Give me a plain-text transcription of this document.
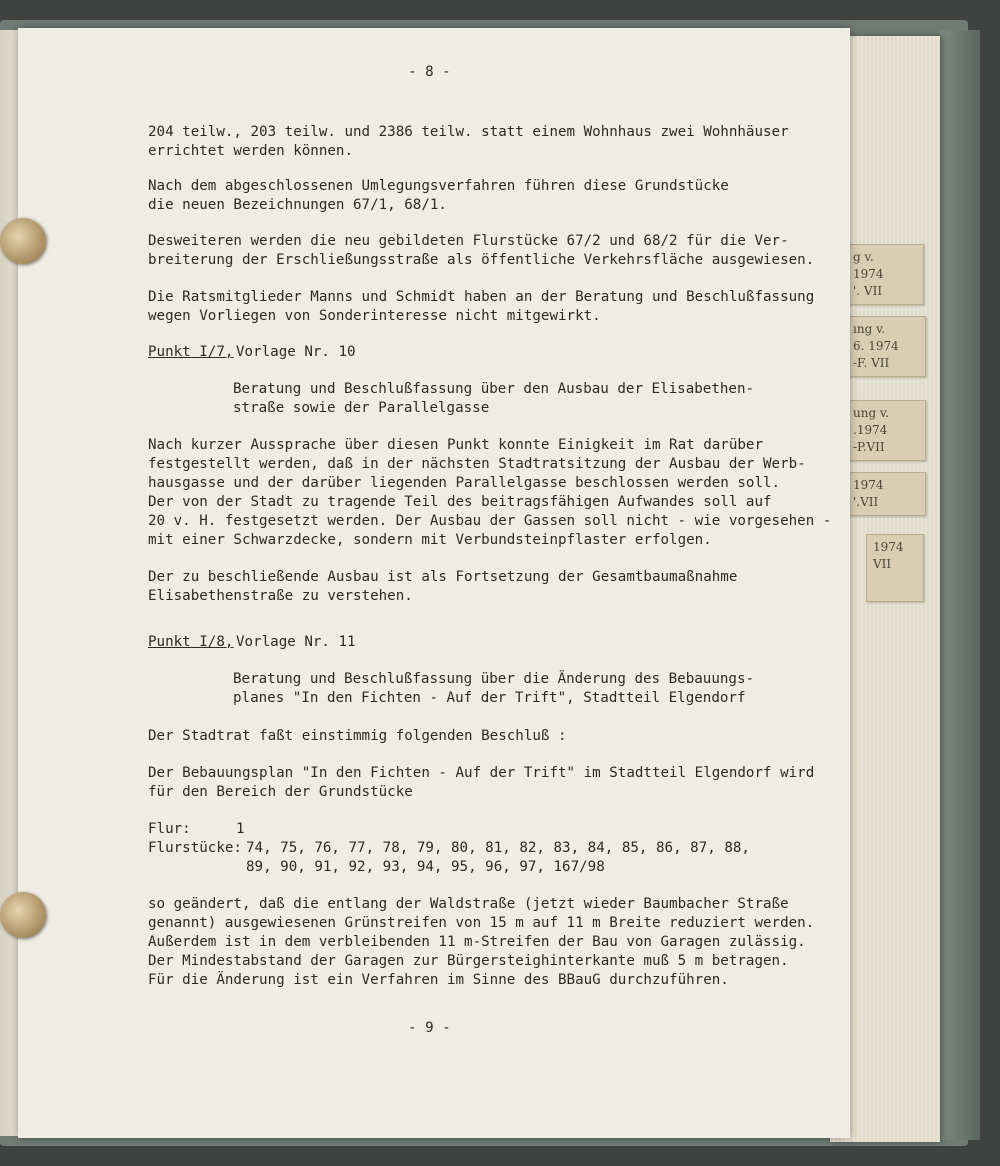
g v.
1974
'. VII
ıng v.
6. 1974
-F. VII
ung v.
.1974
-P.VII
1974
'.VII
1974
VII
- 8 -
204 teilw., 203 teilw. und 2386 teilw. statt einem Wohnhaus zwei Wohnhäuser
errichtet werden können.
Nach dem abgeschlossenen Umlegungsverfahren führen diese Grundstücke
die neuen Bezeichnungen 67/1, 68/1.
Desweiteren werden die neu gebildeten Flurstücke 67/2 und 68/2 für die Ver-
breiterung der Erschließungsstraße als öffentliche Verkehrsfläche ausgewiesen.
Die Ratsmitglieder Manns und Schmidt haben an der Beratung und Beschlußfassung
wegen Vorliegen von Sonderinteresse nicht mitgewirkt.
Punkt I/7, Vorlage Nr. 10
Beratung und Beschlußfassung über den Ausbau der Elisabethen-
straße sowie der Parallelgasse
Nach kurzer Aussprache über diesen Punkt konnte Einigkeit im Rat darüber
festgestellt werden, daß in der nächsten Stadtratsitzung der Ausbau der Werb-
hausgasse und der darüber liegenden Parallelgasse beschlossen werden soll.
Der von der Stadt zu tragende Teil des beitragsfähigen Aufwandes soll auf
20 v. H. festgesetzt werden. Der Ausbau der Gassen soll nicht - wie vorgesehen -
mit einer Schwarzdecke, sondern mit Verbundsteinpflaster erfolgen.
Der zu beschließende Ausbau ist als Fortsetzung der Gesamtbaumaßnahme
Elisabethenstraße zu verstehen.
Punkt I/8, Vorlage Nr. 11
Beratung und Beschlußfassung über die Änderung des Bebauungs-
planes "In den Fichten - Auf der Trift", Stadtteil Elgendorf
Der Stadtrat faßt einstimmig folgenden Beschluß :
Der Bebauungsplan "In den Fichten - Auf der Trift" im Stadtteil Elgendorf wird
für den Bereich der Grundstücke
Flur:	1
Flurstücke: 74, 75, 76, 77, 78, 79, 80, 81, 82, 83, 84, 85, 86, 87, 88,
89, 90, 91, 92, 93, 94, 95, 96, 97, 167/98
so geändert, daß die entlang der Waldstraße (jetzt wieder Baumbacher Straße
genannt) ausgewiesenen Grünstreifen von 15 m auf 11 m Breite reduziert werden.
Außerdem ist in dem verbleibenden 11 m-Streifen der Bau von Garagen zulässig.
Der Mindestabstand der Garagen zur Bürgersteighinterkante muß 5 m betragen.
Für die Änderung ist ein Verfahren im Sinne des BBauG durchzuführen.
- 9 -
